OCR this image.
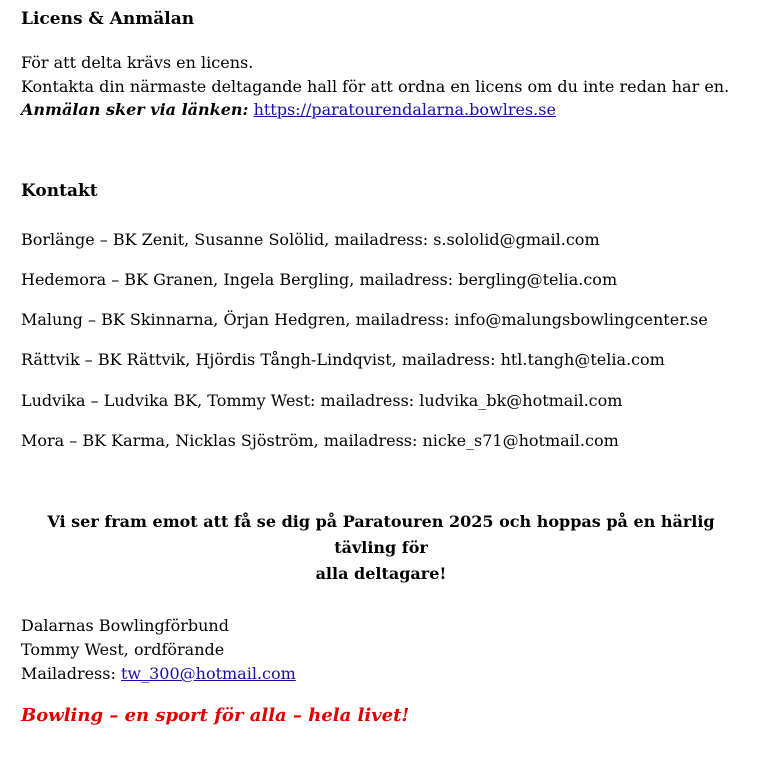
Licens & Anmälan
För att delta krävs en licens.
Kontakta din närmaste deltagande hall för att ordna en licens om du inte redan har en.
Anmälan sker via länken: https://paratourendalarna.bowlres.se
Kontakt
Borlänge – BK Zenit, Susanne Solölid, mailadress: s.sololid@gmail.com
Hedemora – BK Granen, Ingela Bergling, mailadress: bergling@telia.com
Malung – BK Skinnarna, Örjan Hedgren, mailadress: info@malungsbowlingcenter.se
Rättvik – BK Rättvik, Hjördis Tångh-Lindqvist, mailadress: htl.tangh@telia.com
Ludvika – Ludvika BK, Tommy West: mailadress: ludvika_bk@hotmail.com
Mora – BK Karma, Nicklas Sjöström, mailadress: nicke_s71@hotmail.com
Vi ser fram emot att få se dig på Paratouren 2025 och hoppas på en härlig tävling för
alla deltagare!
Dalarnas Bowlingförbund
Tommy West, ordförande
Mailadress: tw_300@hotmail.com
Bowling – en sport för alla – hela livet!
